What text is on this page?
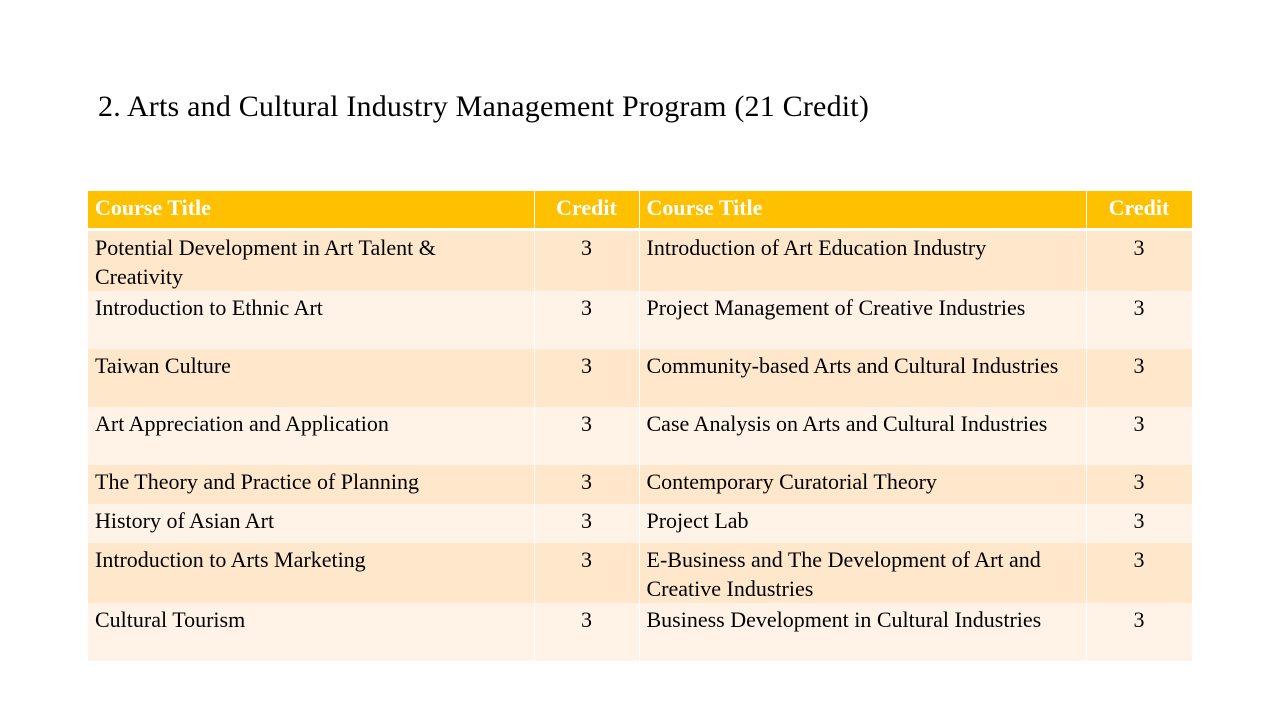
2. Arts and Cultural Industry Management Program (21 Credit)
Course Title	Credit	Course Title	Credit
Potential Development in Art Talent & Creativity	3	Introduction of Art Education Industry	3
Introduction to Ethnic Art	3	Project Management of Creative Industries	3
Taiwan Culture	3	Community-based Arts and Cultural Industries	3
Art Appreciation and Application	3	Case Analysis on Arts and Cultural Industries	3
The Theory and Practice of Planning	3	Contemporary Curatorial Theory	3
History of Asian Art	3	Project Lab	3
Introduction to Arts Marketing	3	E-Business and The Development of Art and Creative Industries	3
Cultural Tourism	3	Business Development in Cultural Industries	3
